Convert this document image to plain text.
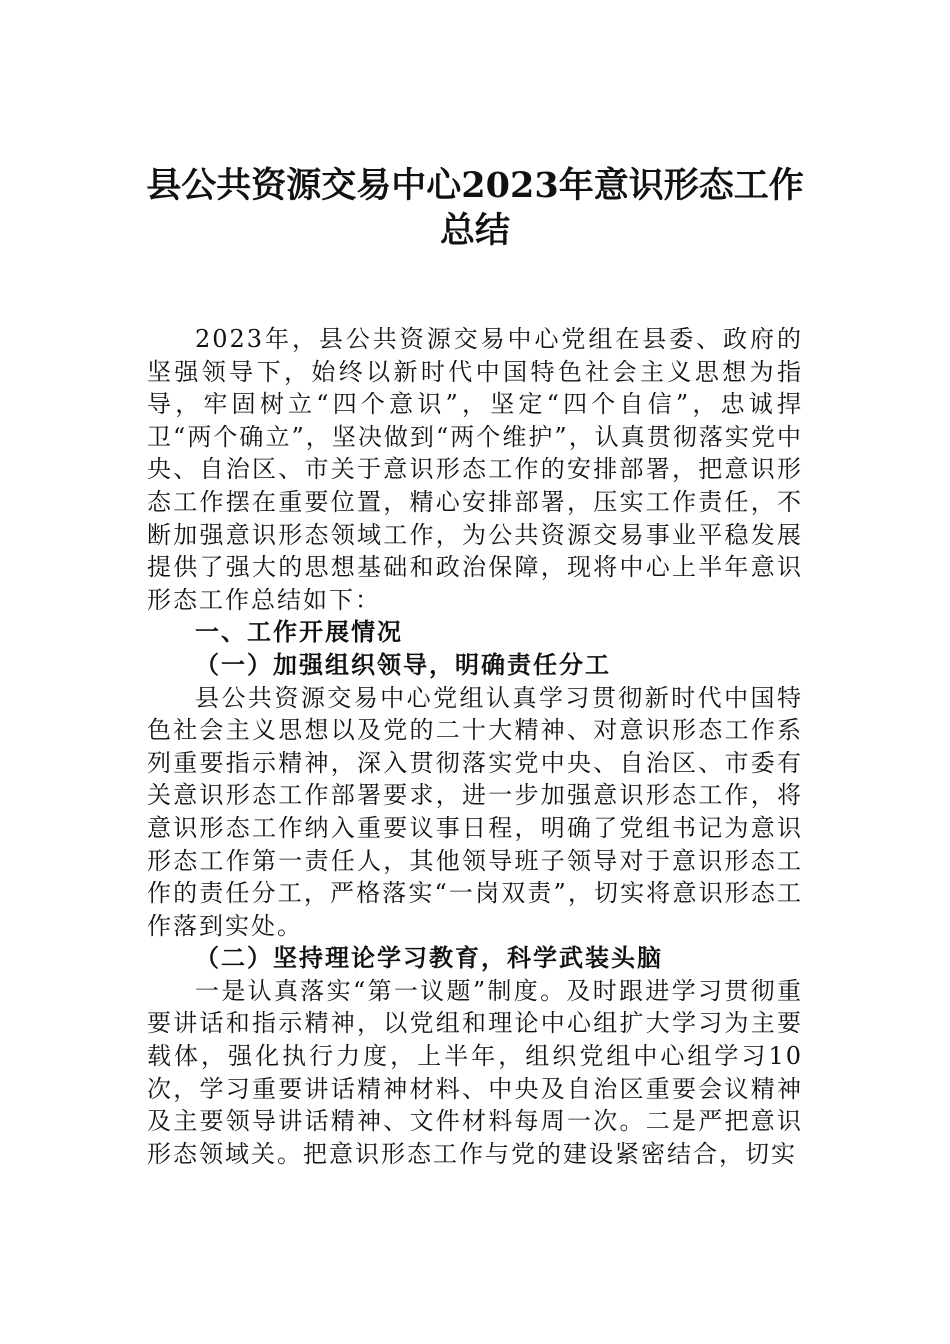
县公共资源交易中心2023年意识形态工作
总结

2023年，县公共资源交易中心党组在县委、政府的坚强领导下，始终以新时代中国特色社会主义思想为指导，牢固树立“四个意识”，坚定“四个自信”，忠诚捍卫“两个确立”，坚决做到“两个维护”，认真贯彻落实党中央、自治区、市关于意识形态工作的安排部署，把意识形态工作摆在重要位置，精心安排部署，压实工作责任，不断加强意识形态领域工作，为公共资源交易事业平稳发展提供了强大的思想基础和政治保障，现将中心上半年意识形态工作总结如下：

一、工作开展情况
（一）加强组织领导，明确责任分工

县公共资源交易中心党组认真学习贯彻新时代中国特色社会主义思想以及党的二十大精神、对意识形态工作系列重要指示精神，深入贯彻落实党中央、自治区、市委有关意识形态工作部署要求，进一步加强意识形态工作，将意识形态工作纳入重要议事日程，明确了党组书记为意识形态工作第一责任人，其他领导班子领导对于意识形态工作的责任分工，严格落实“一岗双责”，切实将意识形态工作落到实处。

（二）坚持理论学习教育，科学武装头脑

一是认真落实“第一议题”制度。及时跟进学习贯彻重要讲话和指示精神，以党组和理论中心组扩大学习为主要载体，强化执行力度，上半年，组织党组中心组学习10次，学习重要讲话精神材料、中央及自治区重要会议精神及主要领导讲话精神、文件材料每周一次。二是严把意识形态领域关。把意识形态工作与党的建设紧密结合，切实
